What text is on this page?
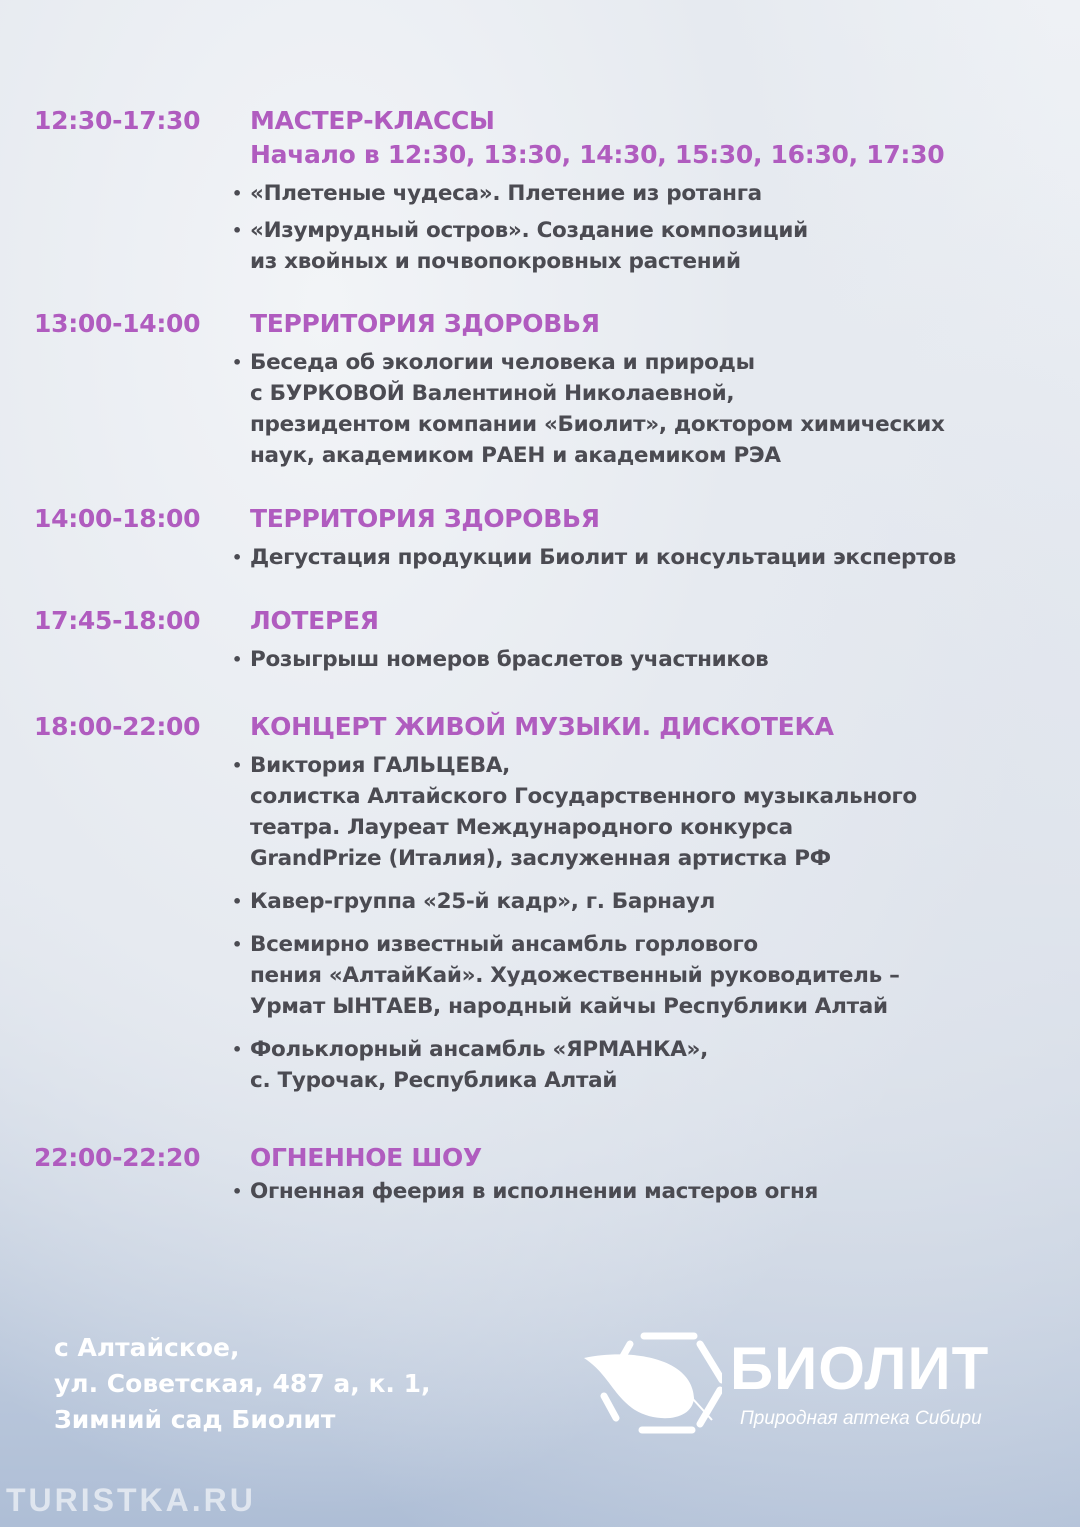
12:30-17:30 МАСТЕР-КЛАССЫ
Начало в 12:30, 13:30, 14:30, 15:30, 16:30, 17:30
• «Плетеные чудеса». Плетение из ротанга
• «Изумрудный остров». Создание композиций
из хвойных и почвопокровных растений
13:00-14:00 ТЕРРИТОРИЯ ЗДОРОВЬЯ
• Беседа об экологии человека и природы
с БУРКОВОЙ Валентиной Николаевной,
президентом компании «Биолит», доктором химических
наук, академиком РАЕН и академиком РЭА
14:00-18:00 ТЕРРИТОРИЯ ЗДОРОВЬЯ
• Дегустация продукции Биолит и консультации экспертов
17:45-18:00 ЛОТЕРЕЯ
• Розыгрыш номеров браслетов участников
18:00-22:00 КОНЦЕРТ ЖИВОЙ МУЗЫКИ. ДИСКОТЕКА
• Виктория ГАЛЬЦЕВА,
солистка Алтайского Государственного музыкального
театра. Лауреат Международного конкурса
GrandPrize (Италия), заслуженная артистка РФ
• Кавер-группа «25-й кадр», г. Барнаул
• Всемирно известный ансамбль горлового
пения «АлтайКай». Художественный руководитель –
Урмат ЫНТАЕВ, народный кайчы Республики Алтай
• Фольклорный ансамбль «ЯРМАНКА»,
с. Турочак, Республика Алтай
22:00-22:20 ОГНЕННОЕ ШОУ
• Огненная феерия в исполнении мастеров огня
с Алтайское,
ул. Советская, 487 а, к. 1,
Зимний сад Биолит
БИОЛИТ
Природная аптека Сибири
TURISTKA.RU
